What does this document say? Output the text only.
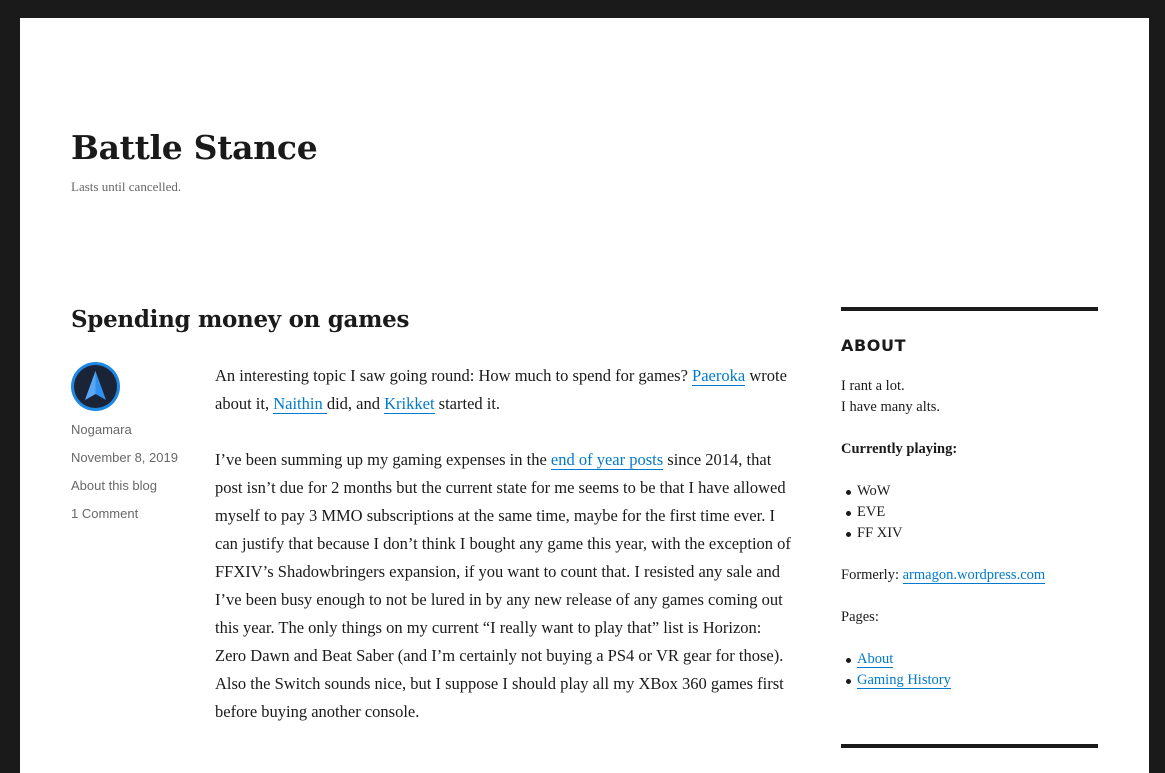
Battle Stance
Lasts until cancelled.
Spending money on games
Nogamara
November 8, 2019
About this blog
1 Comment

An interesting topic I saw going round: How much to spend for games? Paeroka wrote about it, Naithin did, and Krikket started it.

I’ve been summing up my gaming expenses in the end of year posts since 2014, that post isn’t due for 2 months but the current state for me seems to be that I have allowed myself to pay 3 MMO subscriptions at the same time, maybe for the first time ever. I can justify that because I don’t think I bought any game this year, with the exception of FFXIV’s Shadowbringers expansion, if you want to count that. I resisted any sale and I’ve been busy enough to not be lured in by any new release of any games coming out this year. The only things on my current “I really want to play that” list is Horizon: Zero Dawn and Beat Saber (and I’m certainly not buying a PS4 or VR gear for those). Also the Switch sounds nice, but I suppose I should play all my XBox 360 games first before buying another console.

ABOUT

I rant a lot.
I have many alts.

Currently playing:

WoW
EVE
FF XIV

Formerly: armagon.wordpress.com

Pages:

About
Gaming History
